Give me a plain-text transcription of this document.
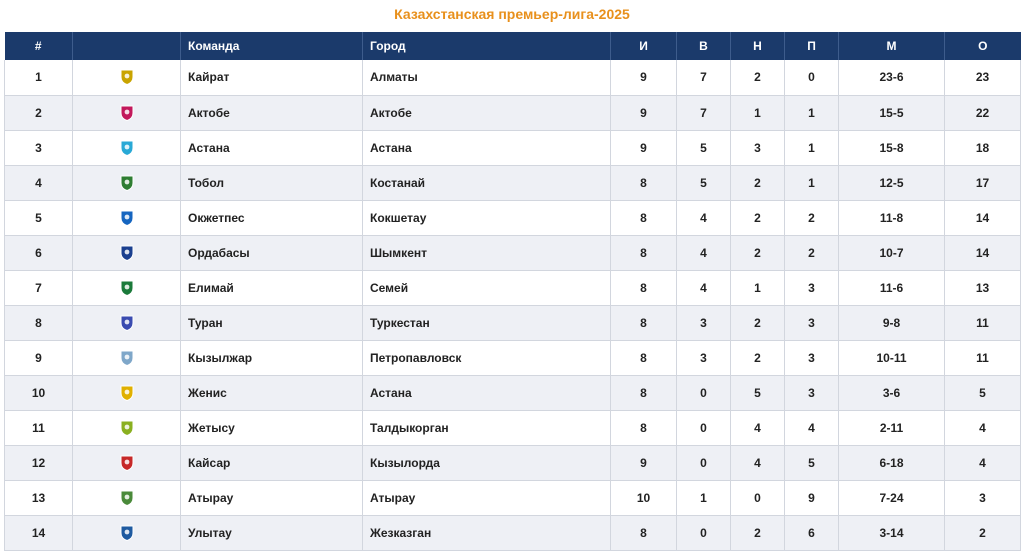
Казахстанская премьер-лига-2025
#		Команда	Город	И	В	Н	П	М	О
1		Кайрат	Алматы	9	7	2	0	23-6	23
2		Актобе	Актобе	9	7	1	1	15-5	22
3		Астана	Астана	9	5	3	1	15-8	18
4		Тобол	Костанай	8	5	2	1	12-5	17
5		Окжетпес	Кокшетау	8	4	2	2	11-8	14
6		Ордабасы	Шымкент	8	4	2	2	10-7	14
7		Елимай	Семей	8	4	1	3	11-6	13
8		Туран	Туркестан	8	3	2	3	9-8	11
9		Кызылжар	Петропавловск	8	3	2	3	10-11	11
10		Женис	Астана	8	0	5	3	3-6	5
11		Жетысу	Талдыкорган	8	0	4	4	2-11	4
12		Кайсар	Кызылорда	9	0	4	5	6-18	4
13		Атырау	Атырау	10	1	0	9	7-24	3
14		Улытау	Жезказган	8	0	2	6	3-14	2
